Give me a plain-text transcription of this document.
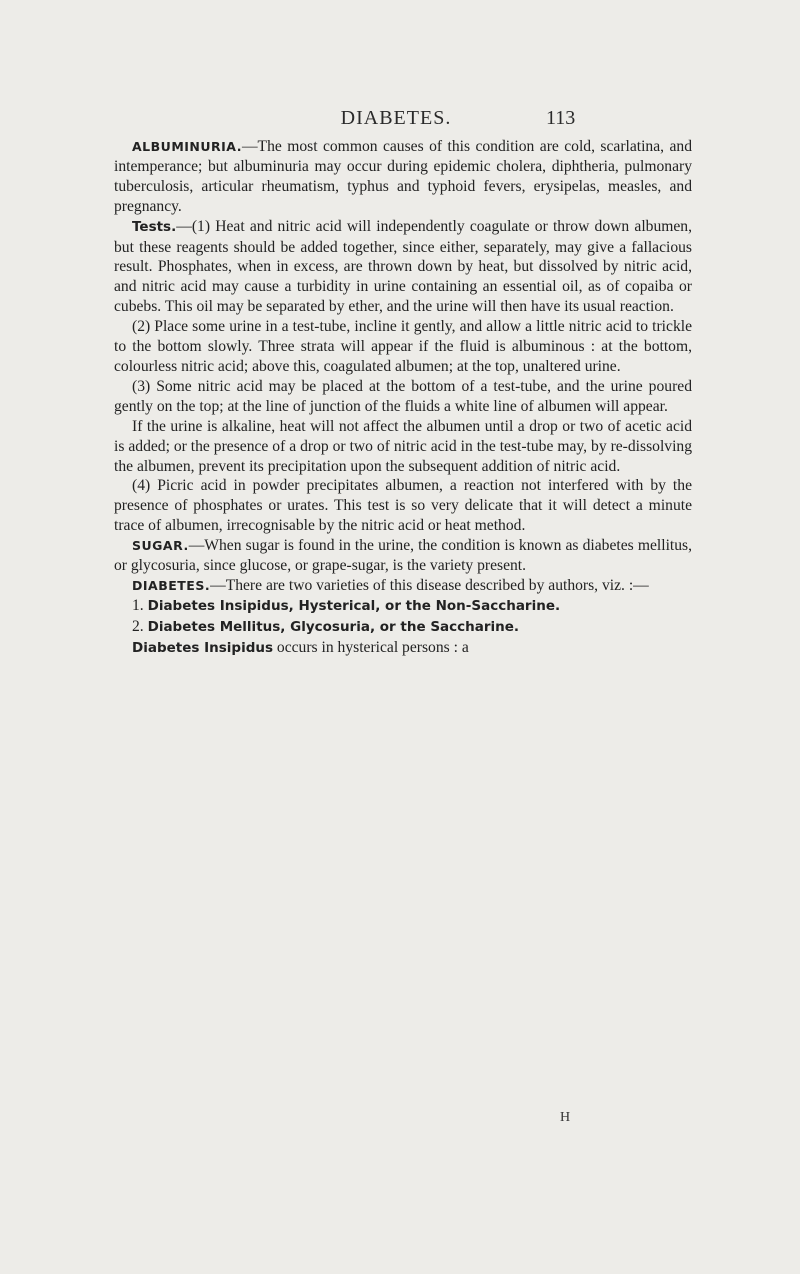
DIABETES.	113

ALBUMINURIA.—The most common causes of this condition are cold, scarlatina, and intemperance; but albuminuria may occur during epidemic cholera, diphtheria, pulmonary tuberculosis, articular rheumatism, typhus and typhoid fevers, erysipelas, measles, and pregnancy.

Tests.—(1) Heat and nitric acid will independently coagulate or throw down albumen, but these reagents should be added together, since either, separately, may give a fallacious result. Phosphates, when in excess, are thrown down by heat, but dissolved by nitric acid, and nitric acid may cause a turbidity in urine containing an essential oil, as of copaiba or cubebs. This oil may be separated by ether, and the urine will then have its usual reaction.

(2) Place some urine in a test-tube, incline it gently, and allow a little nitric acid to trickle to the bottom slowly. Three strata will appear if the fluid is albuminous : at the bottom, colourless nitric acid; above this, coagulated albumen; at the top, unaltered urine.

(3) Some nitric acid may be placed at the bottom of a test-tube, and the urine poured gently on the top; at the line of junction of the fluids a white line of albumen will appear.

If the urine is alkaline, heat will not affect the albumen until a drop or two of acetic acid is added; or the presence of a drop or two of nitric acid in the test-tube may, by re-dissolving the albumen, prevent its precipitation upon the subsequent addition of nitric acid.

(4) Picric acid in powder precipitates albumen, a reaction not interfered with by the presence of phosphates or urates. This test is so very delicate that it will detect a minute trace of albumen, irrecognisable by the nitric acid or heat method.

SUGAR.—When sugar is found in the urine, the condition is known as diabetes mellitus, or glycosuria, since glucose, or grape-sugar, is the variety present.

DIABETES.—There are two varieties of this disease described by authors, viz. :—

1. Diabetes Insipidus, Hysterical, or the Non-Saccharine.

2. Diabetes Mellitus, Glycosuria, or the Saccharine.

Diabetes Insipidus occurs in hysterical persons : a

H
